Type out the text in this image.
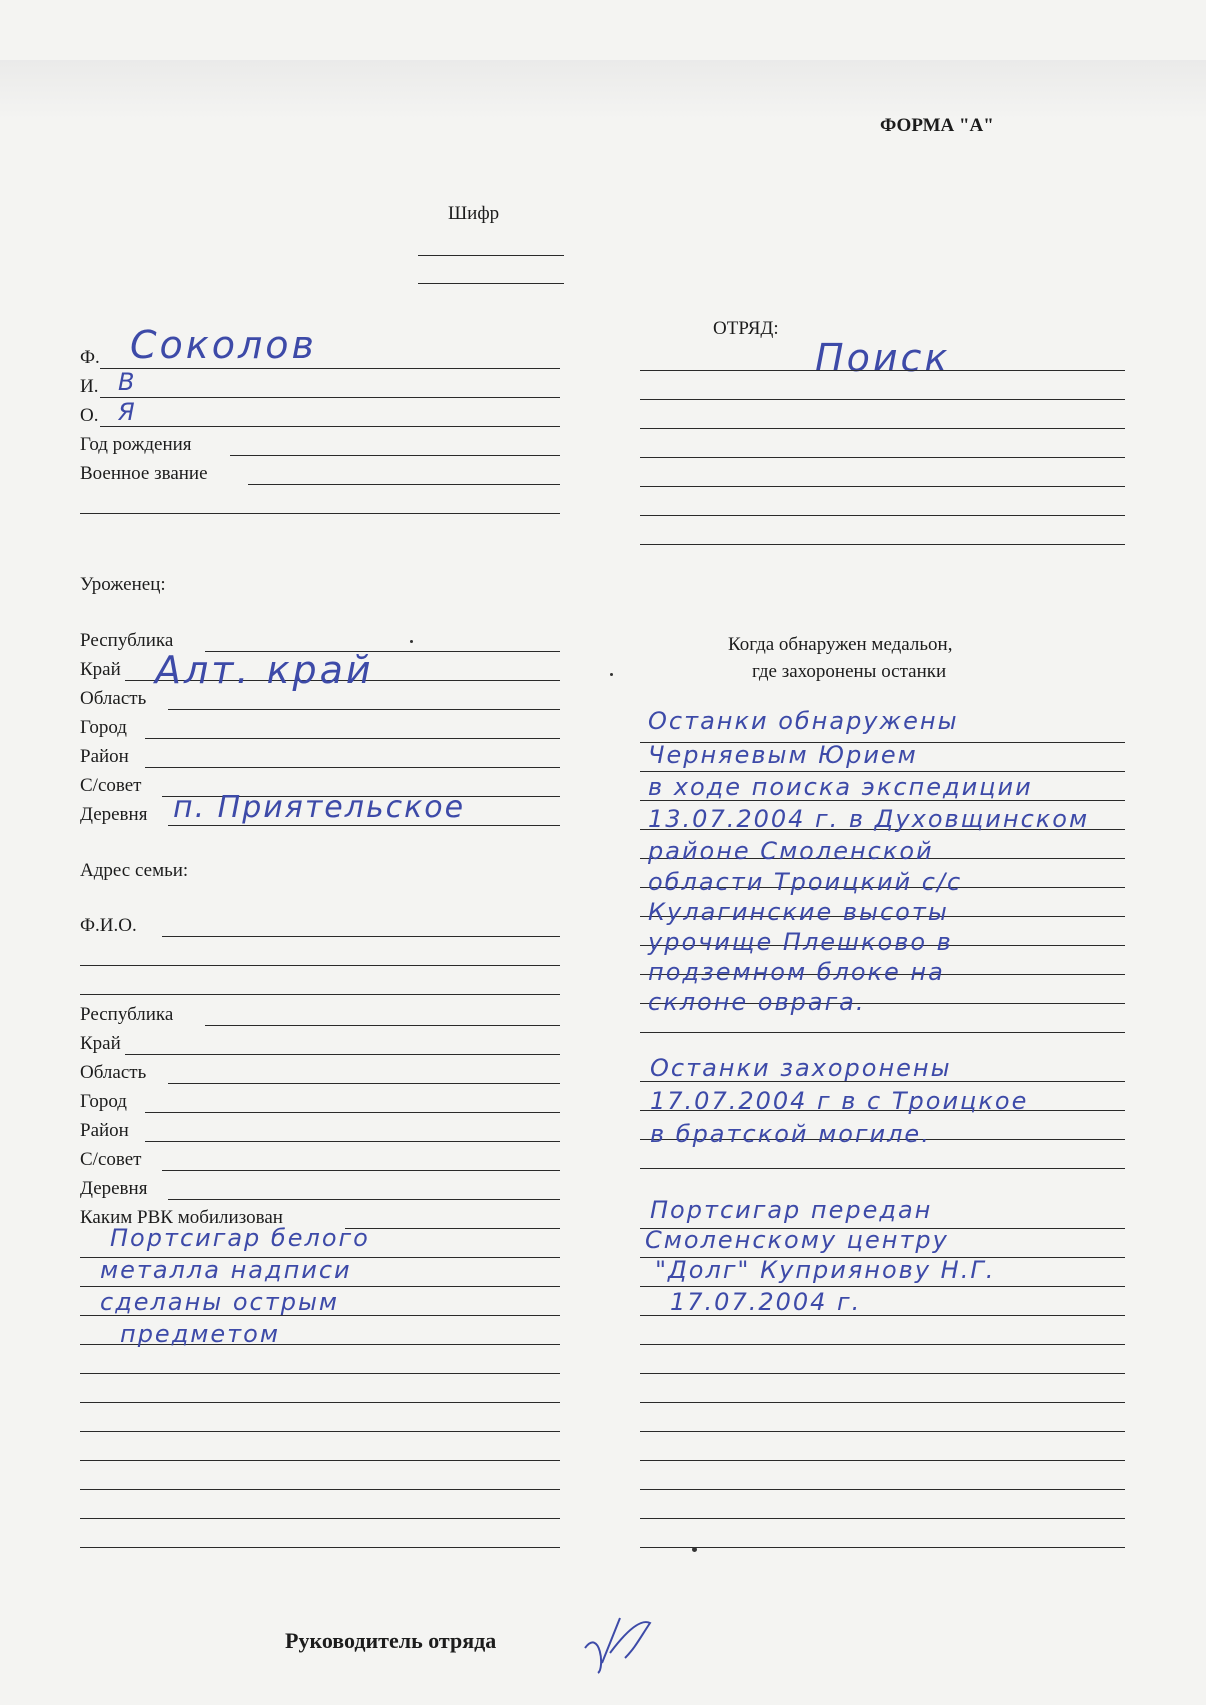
ФОРМА "А"
Шифр
ОТРЯД:
Ф. Соколов
И. В
О. Я
Год рождения
Военное звание
Поиск
Уроженец:
Республика
Край Алт. край
Область
Город
Район
С/совет
Деревня п. Приятельское
Когда обнаружен медальон,
где захоронены останки
Останки обнаружены
Черняевым Юрием
в ходе поиска экспедиции
13.07.2004 г. в Духовщинском
районе Смоленской
области Троицкий с/с
Кулагинские высоты
урочище Плешково в
подземном блоке на
склоне оврага.
Останки захоронены
17.07.2004 г в с Троицкое
в братской могиле.
Адрес семьи:
Ф.И.О.
Республика
Край
Область
Город
Район
С/совет
Деревня
Каким РВК мобилизован
Портсигар белого
металла надписи
сделаны острым
предметом
Портсигар передан
Смоленскому центру
"Долг" Куприянову Н.Г.
17.07.2004 г.
Руководитель отряда
